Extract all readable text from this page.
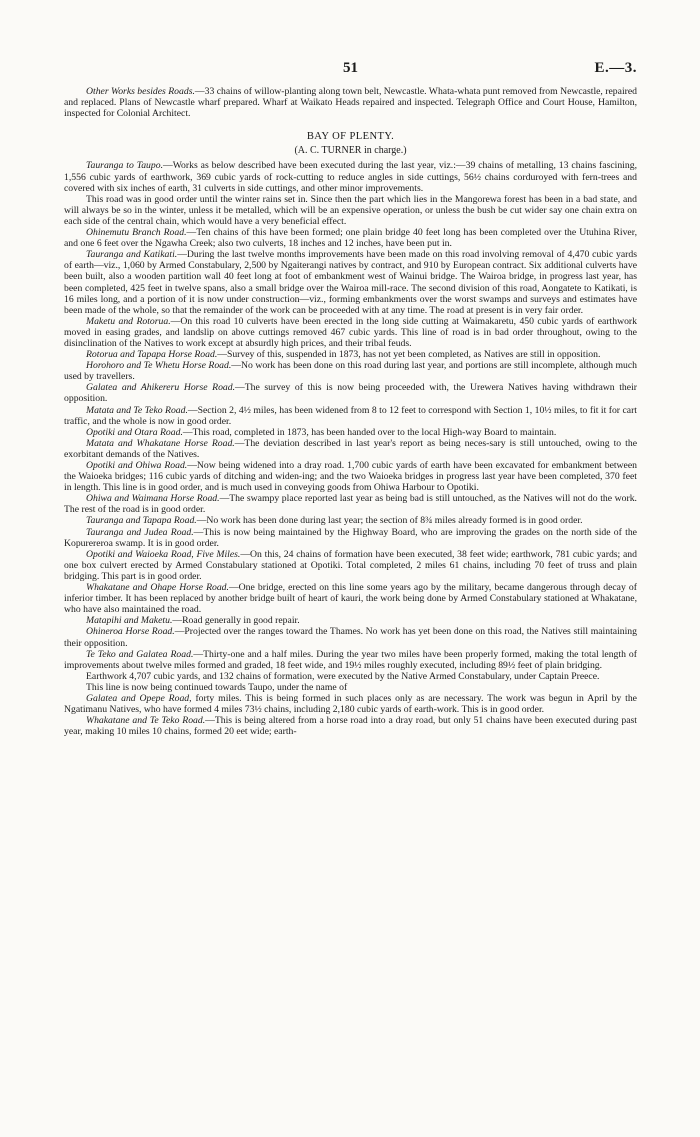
51	E.—3.

Other Works besides Roads.—33 chains of willow-planting along town belt, Newcastle. Whata-whata punt removed from Newcastle, repaired and replaced. Plans of Newcastle wharf prepared. Wharf at Waikato Heads repaired and inspected. Telegraph Office and Court House, Hamilton, inspected for Colonial Architect.

BAY OF PLENTY.
(A. C. TURNER in charge.)

Tauranga to Taupo.—Works as below described have been executed during the last year, viz.:—39 chains of metalling, 13 chains fascining, 1,556 cubic yards of earthwork, 369 cubic yards of rock-cutting to reduce angles in side cuttings, 56½ chains corduroyed with fern-trees and covered with six inches of earth, 31 culverts in side cuttings, and other minor improvements.

This road was in good order until the winter rains set in. Since then the part which lies in the Mangorewa forest has been in a bad state, and will always be so in the winter, unless it be metalled, which will be an expensive operation, or unless the bush be cut wider say one chain extra on each side of the central chain, which would have a very beneficial effect.

Ohinemutu Branch Road.—Ten chains of this have been formed; one plain bridge 40 feet long has been completed over the Utuhina River, and one 6 feet over the Ngawha Creek; also two culverts, 18 inches and 12 inches, have been put in.

Tauranga and Katikati.—During the last twelve months improvements have been made on this road involving removal of 4,470 cubic yards of earth—viz., 1,060 by Armed Constabulary, 2,500 by Ngaiterangi natives by contract, and 910 by European contract. Six additional culverts have been built, also a wooden partition wall 40 feet long at foot of embankment west of Wainui bridge. The Wairoa bridge, in progress last year, has been completed, 425 feet in twelve spans, also a small bridge over the Wairoa mill-race. The second division of this road, Aongatete to Katikati, is 16 miles long, and a portion of it is now under construction—viz., forming embankments over the worst swamps and surveys and estimates have been made of the whole, so that the remainder of the work can be proceeded with at any time. The road at present is in very fair order.

Maketu and Rotorua.—On this road 10 culverts have been erected in the long side cutting at Waimakaretu, 450 cubic yards of earthwork moved in easing grades, and landslip on above cuttings removed 467 cubic yards. This line of road is in bad order throughout, owing to the disinclination of the Natives to work except at absurdly high prices, and their tribal feuds.

Rotorua and Tapapa Horse Road.—Survey of this, suspended in 1873, has not yet been completed, as Natives are still in opposition.

Horohoro and Te Whetu Horse Road.—No work has been done on this road during last year, and portions are still incomplete, although much used by travellers.

Galatea and Ahikereru Horse Road.—The survey of this is now being proceeded with, the Urewera Natives having withdrawn their opposition.

Matata and Te Teko Road.—Section 2, 4½ miles, has been widened from 8 to 12 feet to correspond with Section 1, 10½ miles, to fit it for cart traffic, and the whole is now in good order.

Opotiki and Otara Road.—This road, completed in 1873, has been handed over to the local High-way Board to maintain.

Matata and Whakatane Horse Road.—The deviation described in last year's report as being neces-sary is still untouched, owing to the exorbitant demands of the Natives.

Opotiki and Ohiwa Road.—Now being widened into a dray road. 1,700 cubic yards of earth have been excavated for embankment between the Waioeka bridges; 116 cubic yards of ditching and widen-ing; and the two Waioeka bridges in progress last year have been completed, 370 feet in length. This line is in good order, and is much used in conveying goods from Ohiwa Harbour to Opotiki.

Ohiwa and Waimana Horse Road.—The swampy place reported last year as being bad is still untouched, as the Natives will not do the work. The rest of the road is in good order.

Tauranga and Tapapa Road.—No work has been done during last year; the section of 8¾ miles already formed is in good order.

Tauranga and Judea Road.—This is now being maintained by the Highway Board, who are improving the grades on the north side of the Kopurereroa swamp. It is in good order.

Opotiki and Waioeka Road, Five Miles.—On this, 24 chains of formation have been executed, 38 feet wide; earthwork, 781 cubic yards; and one box culvert erected by Armed Constabulary stationed at Opotiki. Total completed, 2 miles 61 chains, including 70 feet of truss and plain bridging. This part is in good order.

Whakatane and Ohape Horse Road.—One bridge, erected on this line some years ago by the military, became dangerous through decay of inferior timber. It has been replaced by another bridge built of heart of kauri, the work being done by Armed Constabulary stationed at Whakatane, who have also maintained the road.

Matapihi and Maketu.—Road generally in good repair.

Ohineroa Horse Road.—Projected over the ranges toward the Thames. No work has yet been done on this road, the Natives still maintaining their opposition.

Te Teko and Galatea Road.—Thirty-one and a half miles. During the year two miles have been properly formed, making the total length of improvements about twelve miles formed and graded, 18 feet wide, and 19½ miles roughly executed, including 89½ feet of plain bridging.

Earthwork 4,707 cubic yards, and 132 chains of formation, were executed by the Native Armed Constabulary, under Captain Preece.

This line is now being continued towards Taupo, under the name of

Galatea and Opepe Road, forty miles. This is being formed in such places only as are necessary. The work was begun in April by the Ngatimanu Natives, who have formed 4 miles 73½ chains, including 2,180 cubic yards of earth-work. This is in good order.

Whakatane and Te Teko Road.—This is being altered from a horse road into a dray road, but only 51 chains have been executed during past year, making 10 miles 10 chains, formed 20 eet wide; earth-
